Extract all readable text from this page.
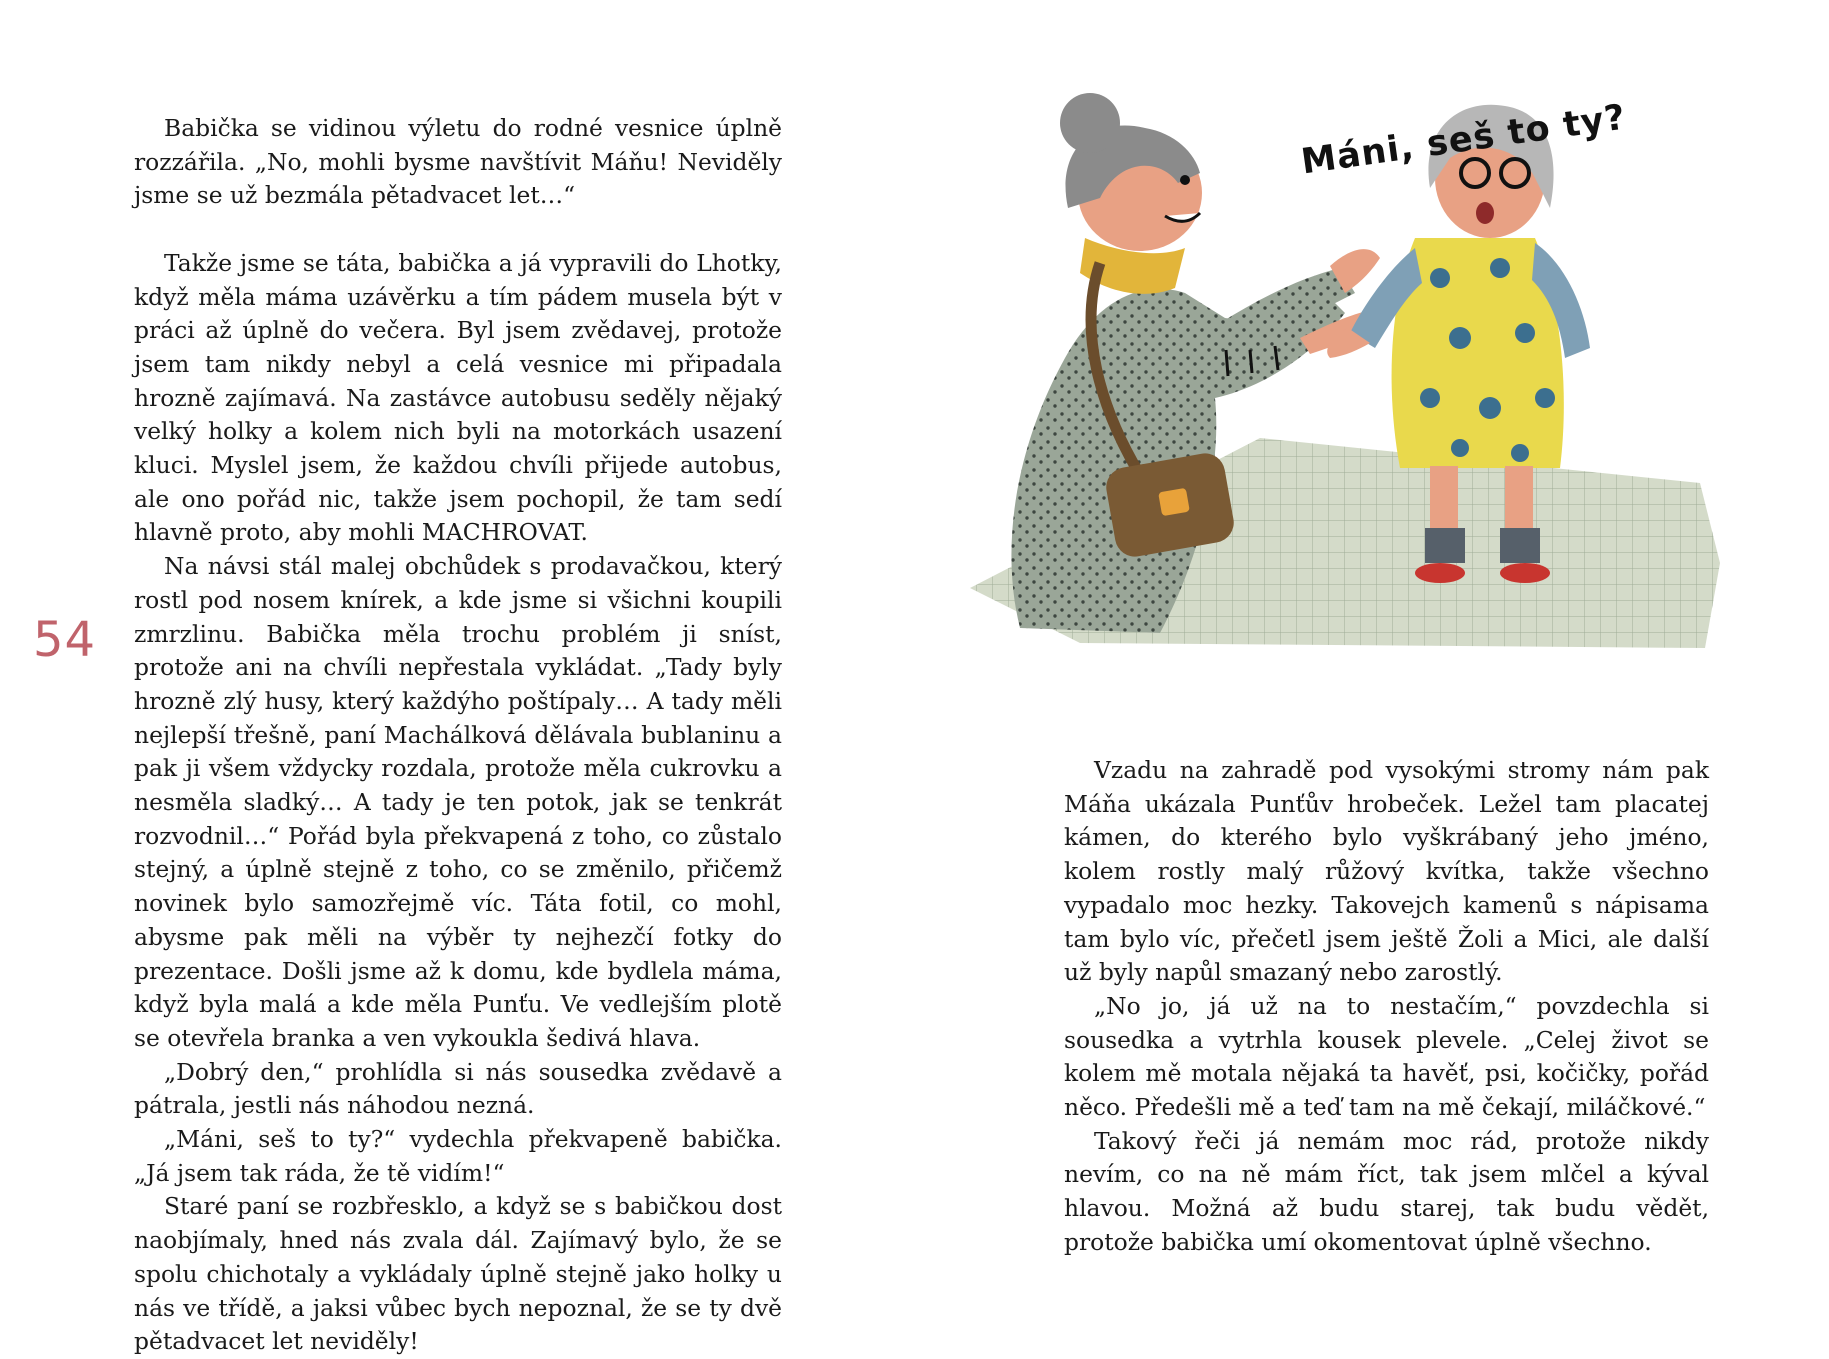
54

Babička se vidinou výletu do rodné vesnice úplně rozzářila. „No, mohli bysme navštívit Máňu! Neviděly jsme se už bezmála pětadvacet let…“

Takže jsme se táta, babička a já vypravili do Lhotky, když měla máma uzávěrku a tím pádem musela být v práci až úplně do večera. Byl jsem zvědavej, protože jsem tam nikdy nebyl a celá vesnice mi připadala hrozně zajímavá. Na zastávce autobusu seděly nějaký velký holky a kolem nich byli na motorkách usazení kluci. Myslel jsem, že každou chvíli přijede autobus, ale ono pořád nic, takže jsem pochopil, že tam sedí hlavně proto, aby mohli MACHROVAT.

Na návsi stál malej obchůdek s prodavačkou, který rostl pod nosem knírek, a kde jsme si všichni koupili zmrzlinu. Babička měla trochu problém ji sníst, protože ani na chvíli nepřestala vykládat. „Tady byly hrozně zlý husy, který každýho poštípaly… A tady měli nejlepší třešně, paní Machálková dělávala bublaninu a pak ji všem vždycky rozdala, protože měla cukrovku a nesměla sladký… A tady je ten potok, jak se tenkrát rozvodnil…“ Pořád byla překvapená z toho, co zůstalo stejný, a úplně stejně z toho, co se změnilo, přičemž novinek bylo samozřejmě víc. Táta fotil, co mohl, abysme pak měli na výběr ty nejhezčí fotky do prezentace. Došli jsme až k domu, kde bydlela máma, když byla malá a kde měla Punťu. Ve vedlejším plotě se otevřela branka a ven vykoukla šedivá hlava.

„Dobrý den,“ prohlídla si nás sousedka zvědavě a pátrala, jestli nás náhodou nezná.

„Máni, seš to ty?“ vydechla překvapeně babička. „Já jsem tak ráda, že tě vidím!“

Staré paní se rozbřesklo, a když se s babičkou dost naobjímaly, hned nás zvala dál. Zajímavý bylo, že se spolu chichotaly a vykládaly úplně stejně jako holky u nás ve třídě, a jaksi vůbec bych nepoznal, že se ty dvě pětadvacet let neviděly!

Máni, seš to ty?

Vzadu na zahradě pod vysokými stromy nám pak Máňa ukázala Punťův hrobeček. Ležel tam placatej kámen, do kterého bylo vyškrábaný jeho jméno, kolem rostly malý růžový kvítka, takže všechno vypadalo moc hezky. Takovejch kamenů s nápisama tam bylo víc, přečetl jsem ještě Žoli a Mici, ale další už byly napůl smazaný nebo zarostlý.

„No jo, já už na to nestačím,“ povzdechla si sousedka a vytrhla kousek plevele. „Celej život se kolem mě motala nějaká ta havěť, psi, kočičky, pořád něco. Předešli mě a teď tam na mě čekají, miláčkové.“

Takový řeči já nemám moc rád, protože nikdy nevím, co na ně mám říct, tak jsem mlčel a kýval hlavou. Možná až budu starej, tak budu vědět, protože babička umí okomentovat úplně všechno.
